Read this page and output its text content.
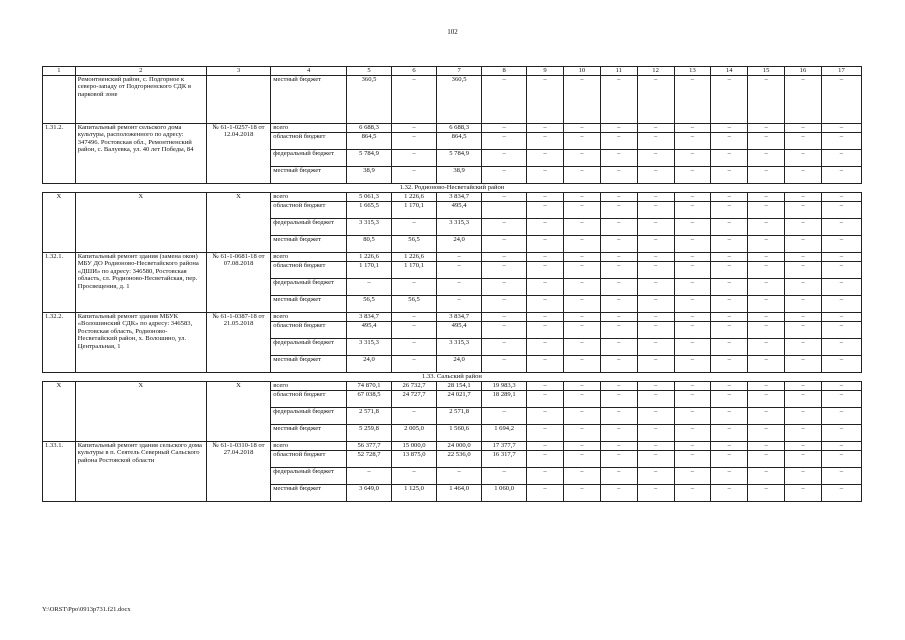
102
1	2	3	4	5	6	7	8	9	10	11	12	13	14	15	16	17
	Ремонтненский район, с. Подгорное к северо-западу от Подгорненского СДК в парковой зоне		местный бюджет	360,5	–	360,5	–	–	–	–	–	–	–	–	–	–
1.31.2.	Капитальный ремонт сельского дома культуры, расположенного по адресу: 347496. Ростовская обл., Ремонтненский район, с. Валуевка, ул. 40 лет Победы, 84	№ 61-1-0257-18 от 12.04.2018	всего	6 688,3	–	6 688,3	–	–	–	–	–	–	–	–	–	–
			областной бюджет	864,5	–	864,5	–	–	–	–	–	–	–	–	–	–
			федеральный бюджет	5 784,9	–	5 784,9	–	–	–	–	–	–	–	–	–	–
			местный бюджет	38,9	–	38,9	–	–	–	–	–	–	–	–	–	–
1.32. Родионово-Несветайский район																
X	X	X	всего	5 061,3	1 226,6	3 834,7	–	–	–	–	–	–	–	–	–	–
			областной бюджет	1 665,5	1 170,1	495,4		–	–	–	–	–	–	–	–	–
			федеральный бюджет	3 315,3	–	3 315,3	–	–	–	–	–	–	–	–	–	–
			местный бюджет	80,5	56,5	24,0	–	–	–	–	–	–	–	–	–	–
1.32.1.	Капитальный ремонт здания (замена окон) МБУ ДО Родионово-Несветайского района «ДШИ» по адресу: 346580, Ростовская область, сл. Родионово-Несветайская, пер. Просвещения, д. 1	№ 61-1-0681-18 от 07.08.2018	всего	1 226,6	1 226,6	–	–	–	–	–	–	–	–	–	–	–
			областной бюджет	1 170,1	1 170,1	–	–	–	–	–	–	–	–	–	–	–
			федеральный бюджет	–	–	–	–	–	–	–	–	–	–	–	–	–
			местный бюджет	56,5	56,5	–	–	–	–	–	–	–	–	–	–	–
1.32.2.	Капитальный ремонт здания МБУК «Волошинский СДК» по адресу: 346583, Ростовская область, Родионово-Несветайский район, х. Волошино, ул. Центральная, 1	№ 61-1-0387-18 от 21.05.2018	всего	3 834,7	–	3 834,7	–	–	–	–	–	–	–	–	–	–
			областной бюджет	495,4	–	495,4	–	–	–	–	–	–	–	–	–	–
			федеральный бюджет	3 315,3	–	3 315,3	–	–	–	–	–	–	–	–	–	–
			местный бюджет	24,0	–	24,0	–	–	–	–	–	–	–	–	–	–
1.33. Сальский район																
X	X	X	всего	74 870,1	26 732,7	28 154,1	19 983,3	–	–	–	–	–	–	–	–	–
			областной бюджет	67 038,5	24 727,7	24 021,7	18 289,1	–	–	–	–	–	–	–	–	–
			федеральный бюджет	2 571,8	–	2 571,8	–	–	–	–	–	–	–	–	–	–
			местный бюджет	5 259,8	2 005,0	1 560,6	1 694,2	–	–	–	–	–	–	–	–	–
1.33.1.	Капитальный ремонт здания сельского дома культуры в п. Сеятель Северный Сальского района Ростовской области	№ 61-1-0310-18 от 27.04.2018	всего	56 377,7	15 000,0	24 000,0	17 377,7	–	–	–	–	–	–	–	–	–
			областной бюджет	52 728,7	13 875,0	22 536,0	16 317,7	–	–	–	–	–	–	–	–	–
			федеральный бюджет	–	–	–	–	–	–	–	–	–	–	–	–	–
			местный бюджет	3 649,0	1 125,0	1 464,0	1 060,0	–	–	–	–	–	–	–	–	–
Y:\ORST\Ppo\0913p731.f21.docx
